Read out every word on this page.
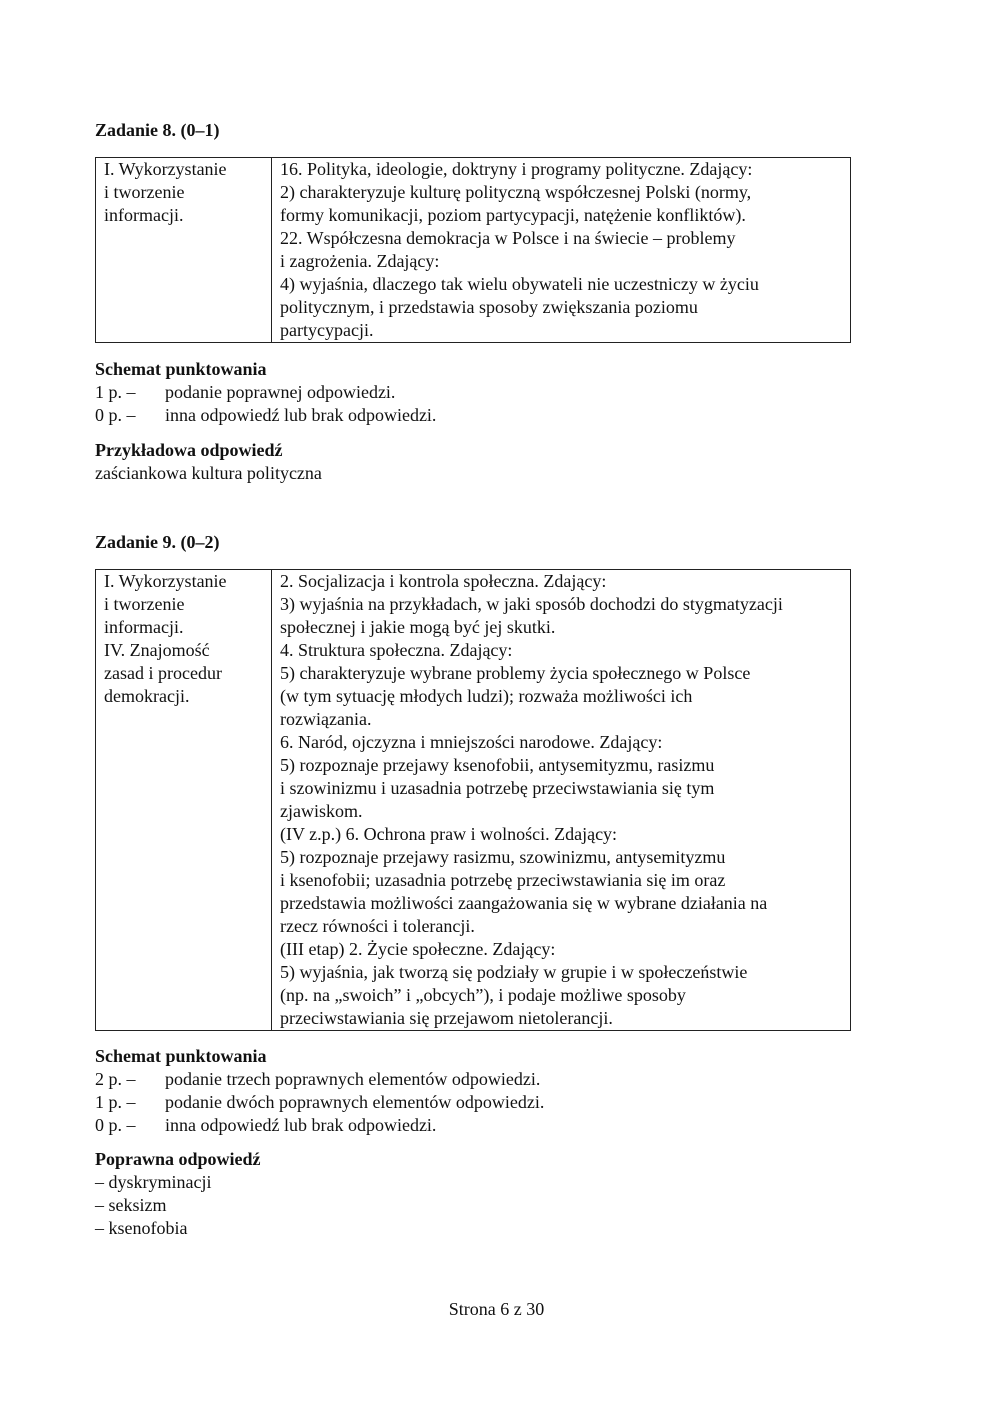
Zadanie 8. (0–1)
I. Wykorzystanie
i tworzenie
informacji.

16. Polityka, ideologie, doktryny i programy polityczne. Zdający:
2) charakteryzuje kulturę polityczną współczesnej Polski (normy,
formy komunikacji, poziom partycypacji, natężenie konfliktów).
22. Współczesna demokracja w Polsce i na świecie – problemy
i zagrożenia. Zdający:
4) wyjaśnia, dlaczego tak wielu obywateli nie uczestniczy w życiu
politycznym, i przedstawia sposoby zwiększania poziomu
partycypacji.
Schemat punktowania
1 p. –	podanie poprawnej odpowiedzi.
0 p. –	inna odpowiedź lub brak odpowiedzi.
Przykładowa odpowiedź
zaściankowa kultura polityczna
Zadanie 9. (0–2)
I. Wykorzystanie
i tworzenie
informacji.
IV. Znajomość
zasad i procedur
demokracji.

2. Socjalizacja i kontrola społeczna. Zdający:
3) wyjaśnia na przykładach, w jaki sposób dochodzi do stygmatyzacji
społecznej i jakie mogą być jej skutki.
4. Struktura społeczna. Zdający:
5) charakteryzuje wybrane problemy życia społecznego w Polsce
(w tym sytuację młodych ludzi); rozważa możliwości ich
rozwiązania.
6. Naród, ojczyzna i mniejszości narodowe. Zdający:
5) rozpoznaje przejawy ksenofobii, antysemityzmu, rasizmu
i szowinizmu i uzasadnia potrzebę przeciwstawiania się tym
zjawiskom.
(IV z.p.) 6. Ochrona praw i wolności. Zdający:
5) rozpoznaje przejawy rasizmu, szowinizmu, antysemityzmu
i ksenofobii; uzasadnia potrzebę przeciwstawiania się im oraz
przedstawia możliwości zaangażowania się w wybrane działania na
rzecz równości i tolerancji.
(III etap) 2. Życie społeczne. Zdający:
5) wyjaśnia, jak tworzą się podziały w grupie i w społeczeństwie
(np. na „swoich” i „obcych”), i podaje możliwe sposoby
przeciwstawiania się przejawom nietolerancji.
Schemat punktowania
2 p. –	podanie trzech poprawnych elementów odpowiedzi.
1 p. –	podanie dwóch poprawnych elementów odpowiedzi.
0 p. –	inna odpowiedź lub brak odpowiedzi.
Poprawna odpowiedź
– dyskryminacji
– seksizm
– ksenofobia
Strona 6 z 30
